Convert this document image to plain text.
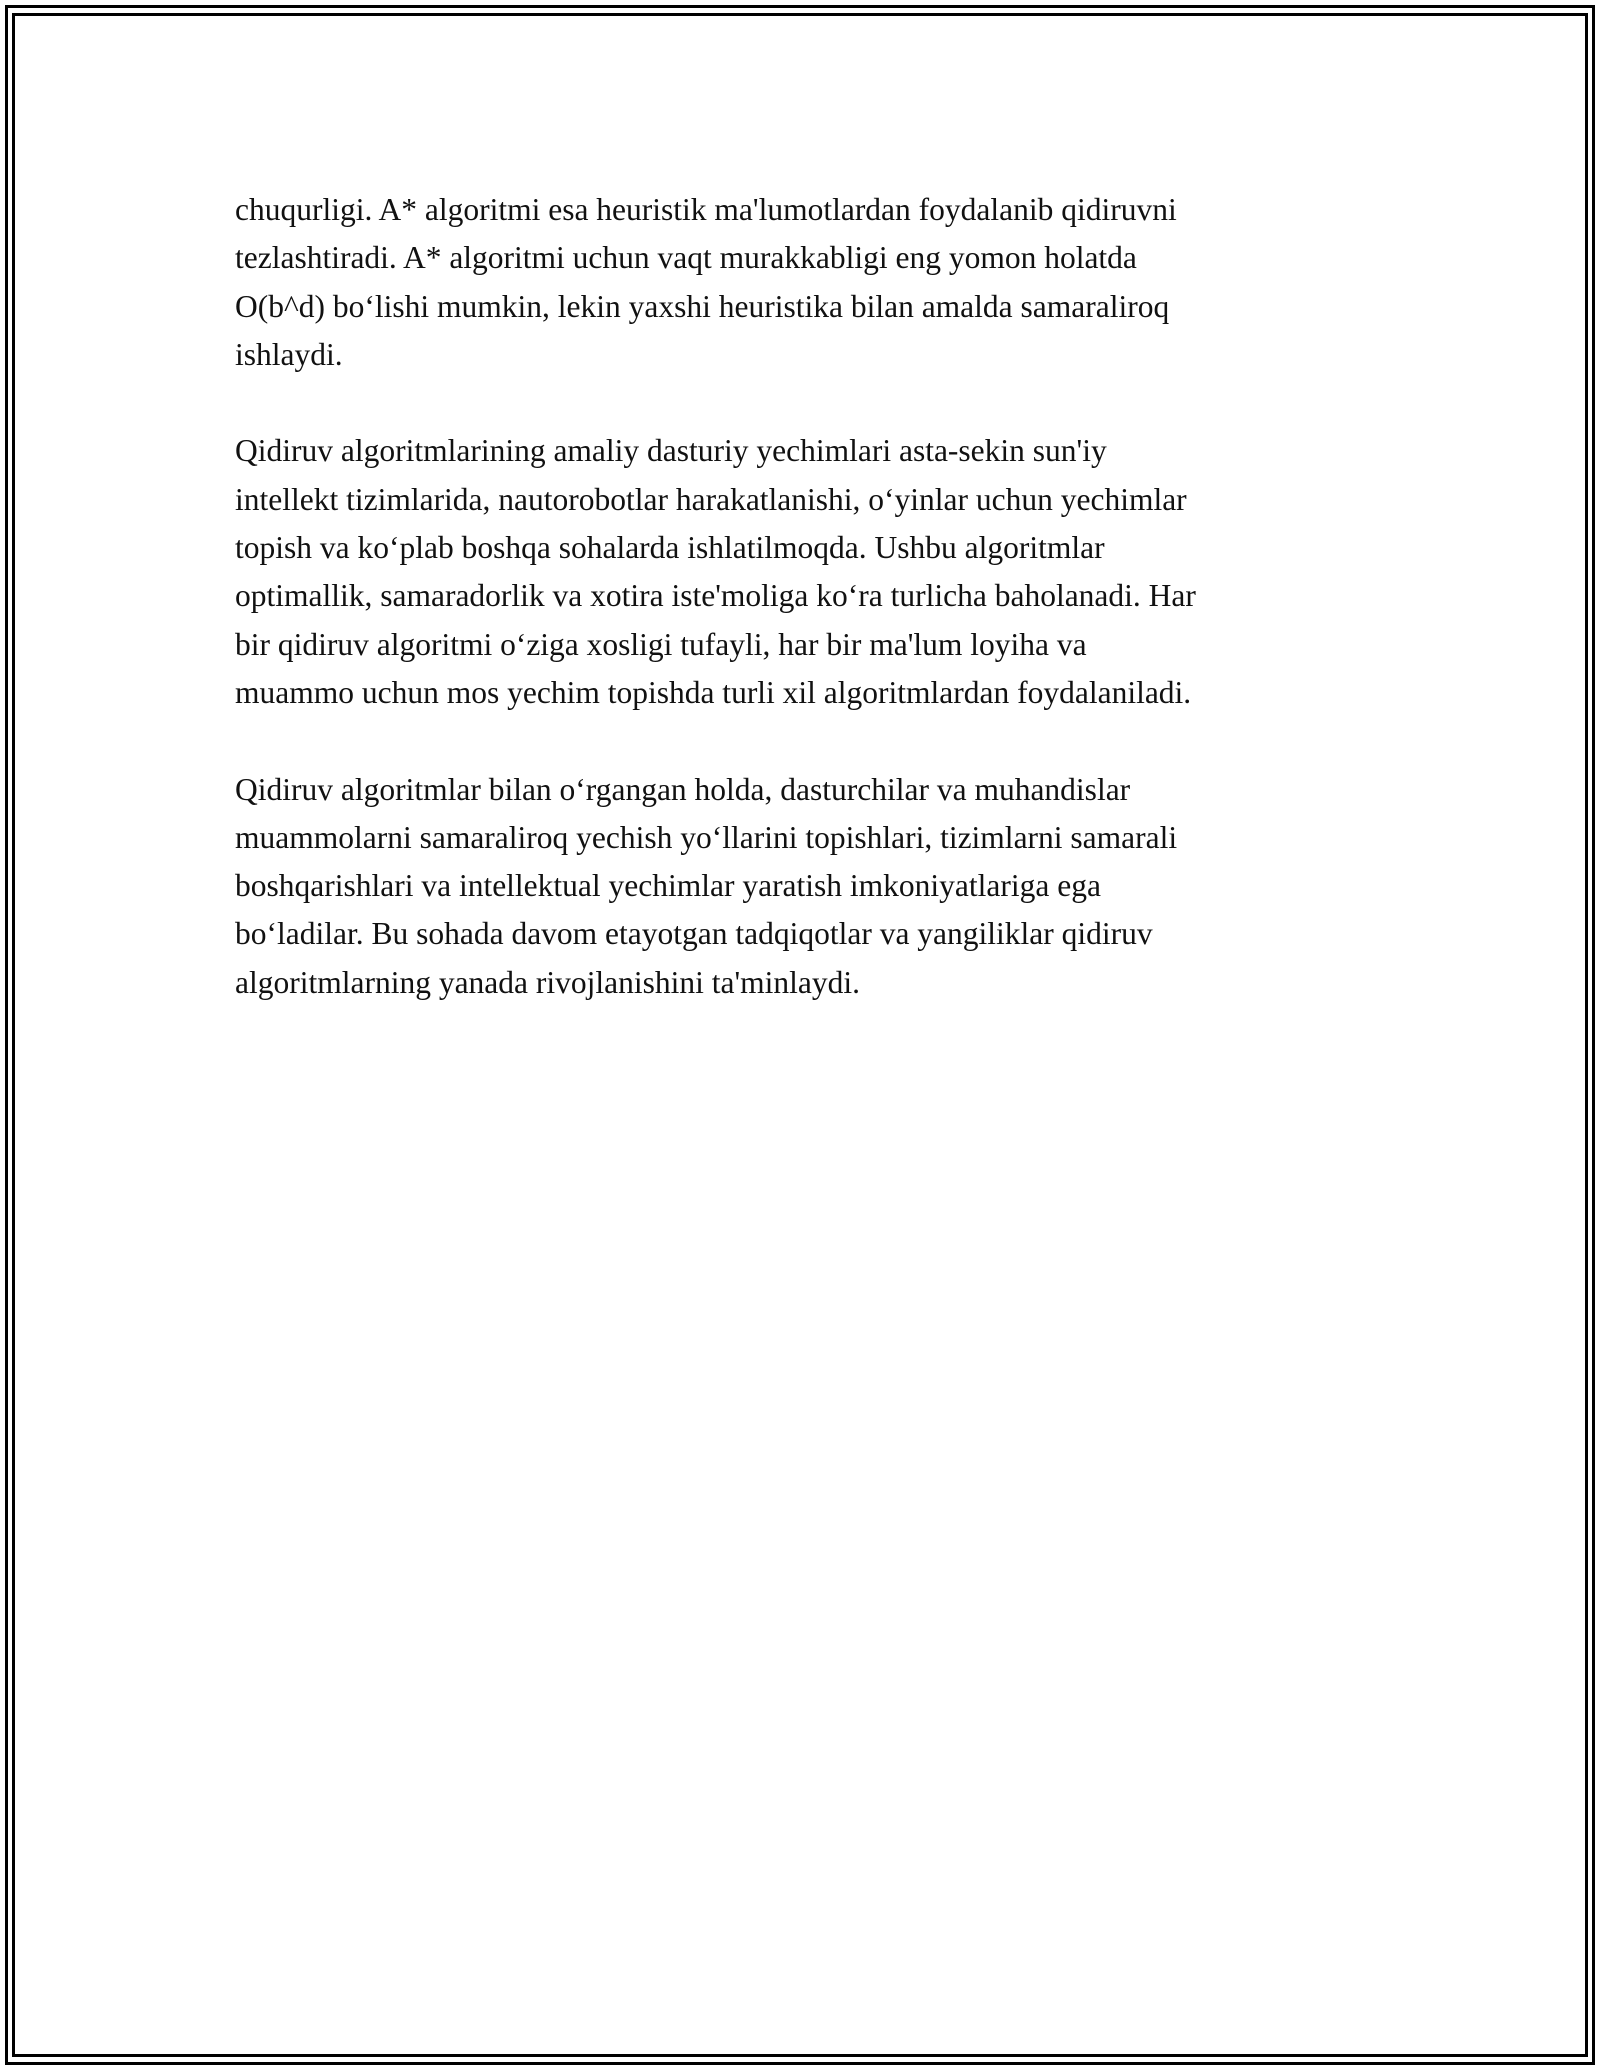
chuqurligi. A* algoritmi esa heuristik ma'lumotlardan foydalanib qidiruvni
tezlashtiradi. A* algoritmi uchun vaqt murakkabligi eng yomon holatda
O(b^d) bo‘lishi mumkin, lekin yaxshi heuristika bilan amalda samaraliroq
ishlaydi.

Qidiruv algoritmlarining amaliy dasturiy yechimlari asta-sekin sun'iy
intellekt tizimlarida, nautorobotlar harakatlanishi, o‘yinlar uchun yechimlar
topish va ko‘plab boshqa sohalarda ishlatilmoqda. Ushbu algoritmlar
optimallik, samaradorlik va xotira iste'moliga ko‘ra turlicha baholanadi. Har
bir qidiruv algoritmi o‘ziga xosligi tufayli, har bir ma'lum loyiha va
muammo uchun mos yechim topishda turli xil algoritmlardan foydalaniladi.

Qidiruv algoritmlar bilan o‘rgangan holda, dasturchilar va muhandislar
muammolarni samaraliroq yechish yo‘llarini topishlari, tizimlarni samarali
boshqarishlari va intellektual yechimlar yaratish imkoniyatlariga ega
bo‘ladilar. Bu sohada davom etayotgan tadqiqotlar va yangiliklar qidiruv
algoritmlarning yanada rivojlanishini ta'minlaydi.
